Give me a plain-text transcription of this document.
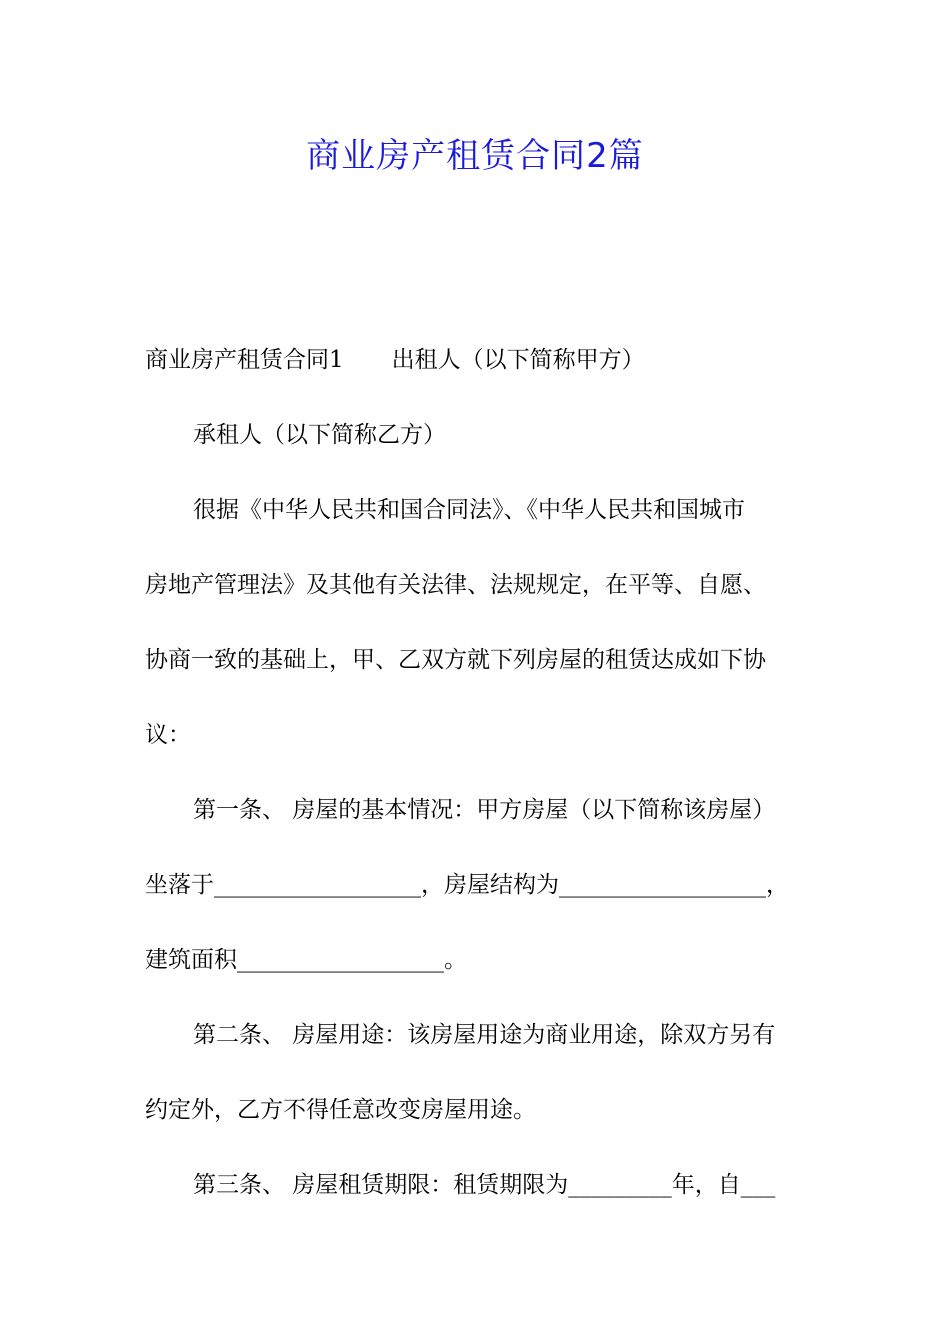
商业房产租赁合同2篇
商业房产租赁合同1 出租人（以下简称甲方）
承租人（以下简称乙方）
很据《中华人民共和国合同法》、《中华人民共和国城市
房地产管理法》及其他有关法律、法规规定，在平等、自愿、
协商一致的基础上，甲、乙双方就下列房屋的租赁达成如下协
议：
第一条、 房屋的基本情况：甲方房屋（以下简称该房屋）
坐落于__________________，房屋结构为__________________，
建筑面积__________________。
第二条、 房屋用途：该房屋用途为商业用途，除双方另有
约定外，乙方不得任意改变房屋用途。
第三条、 房屋租赁期限：租赁期限为_________年，自___
